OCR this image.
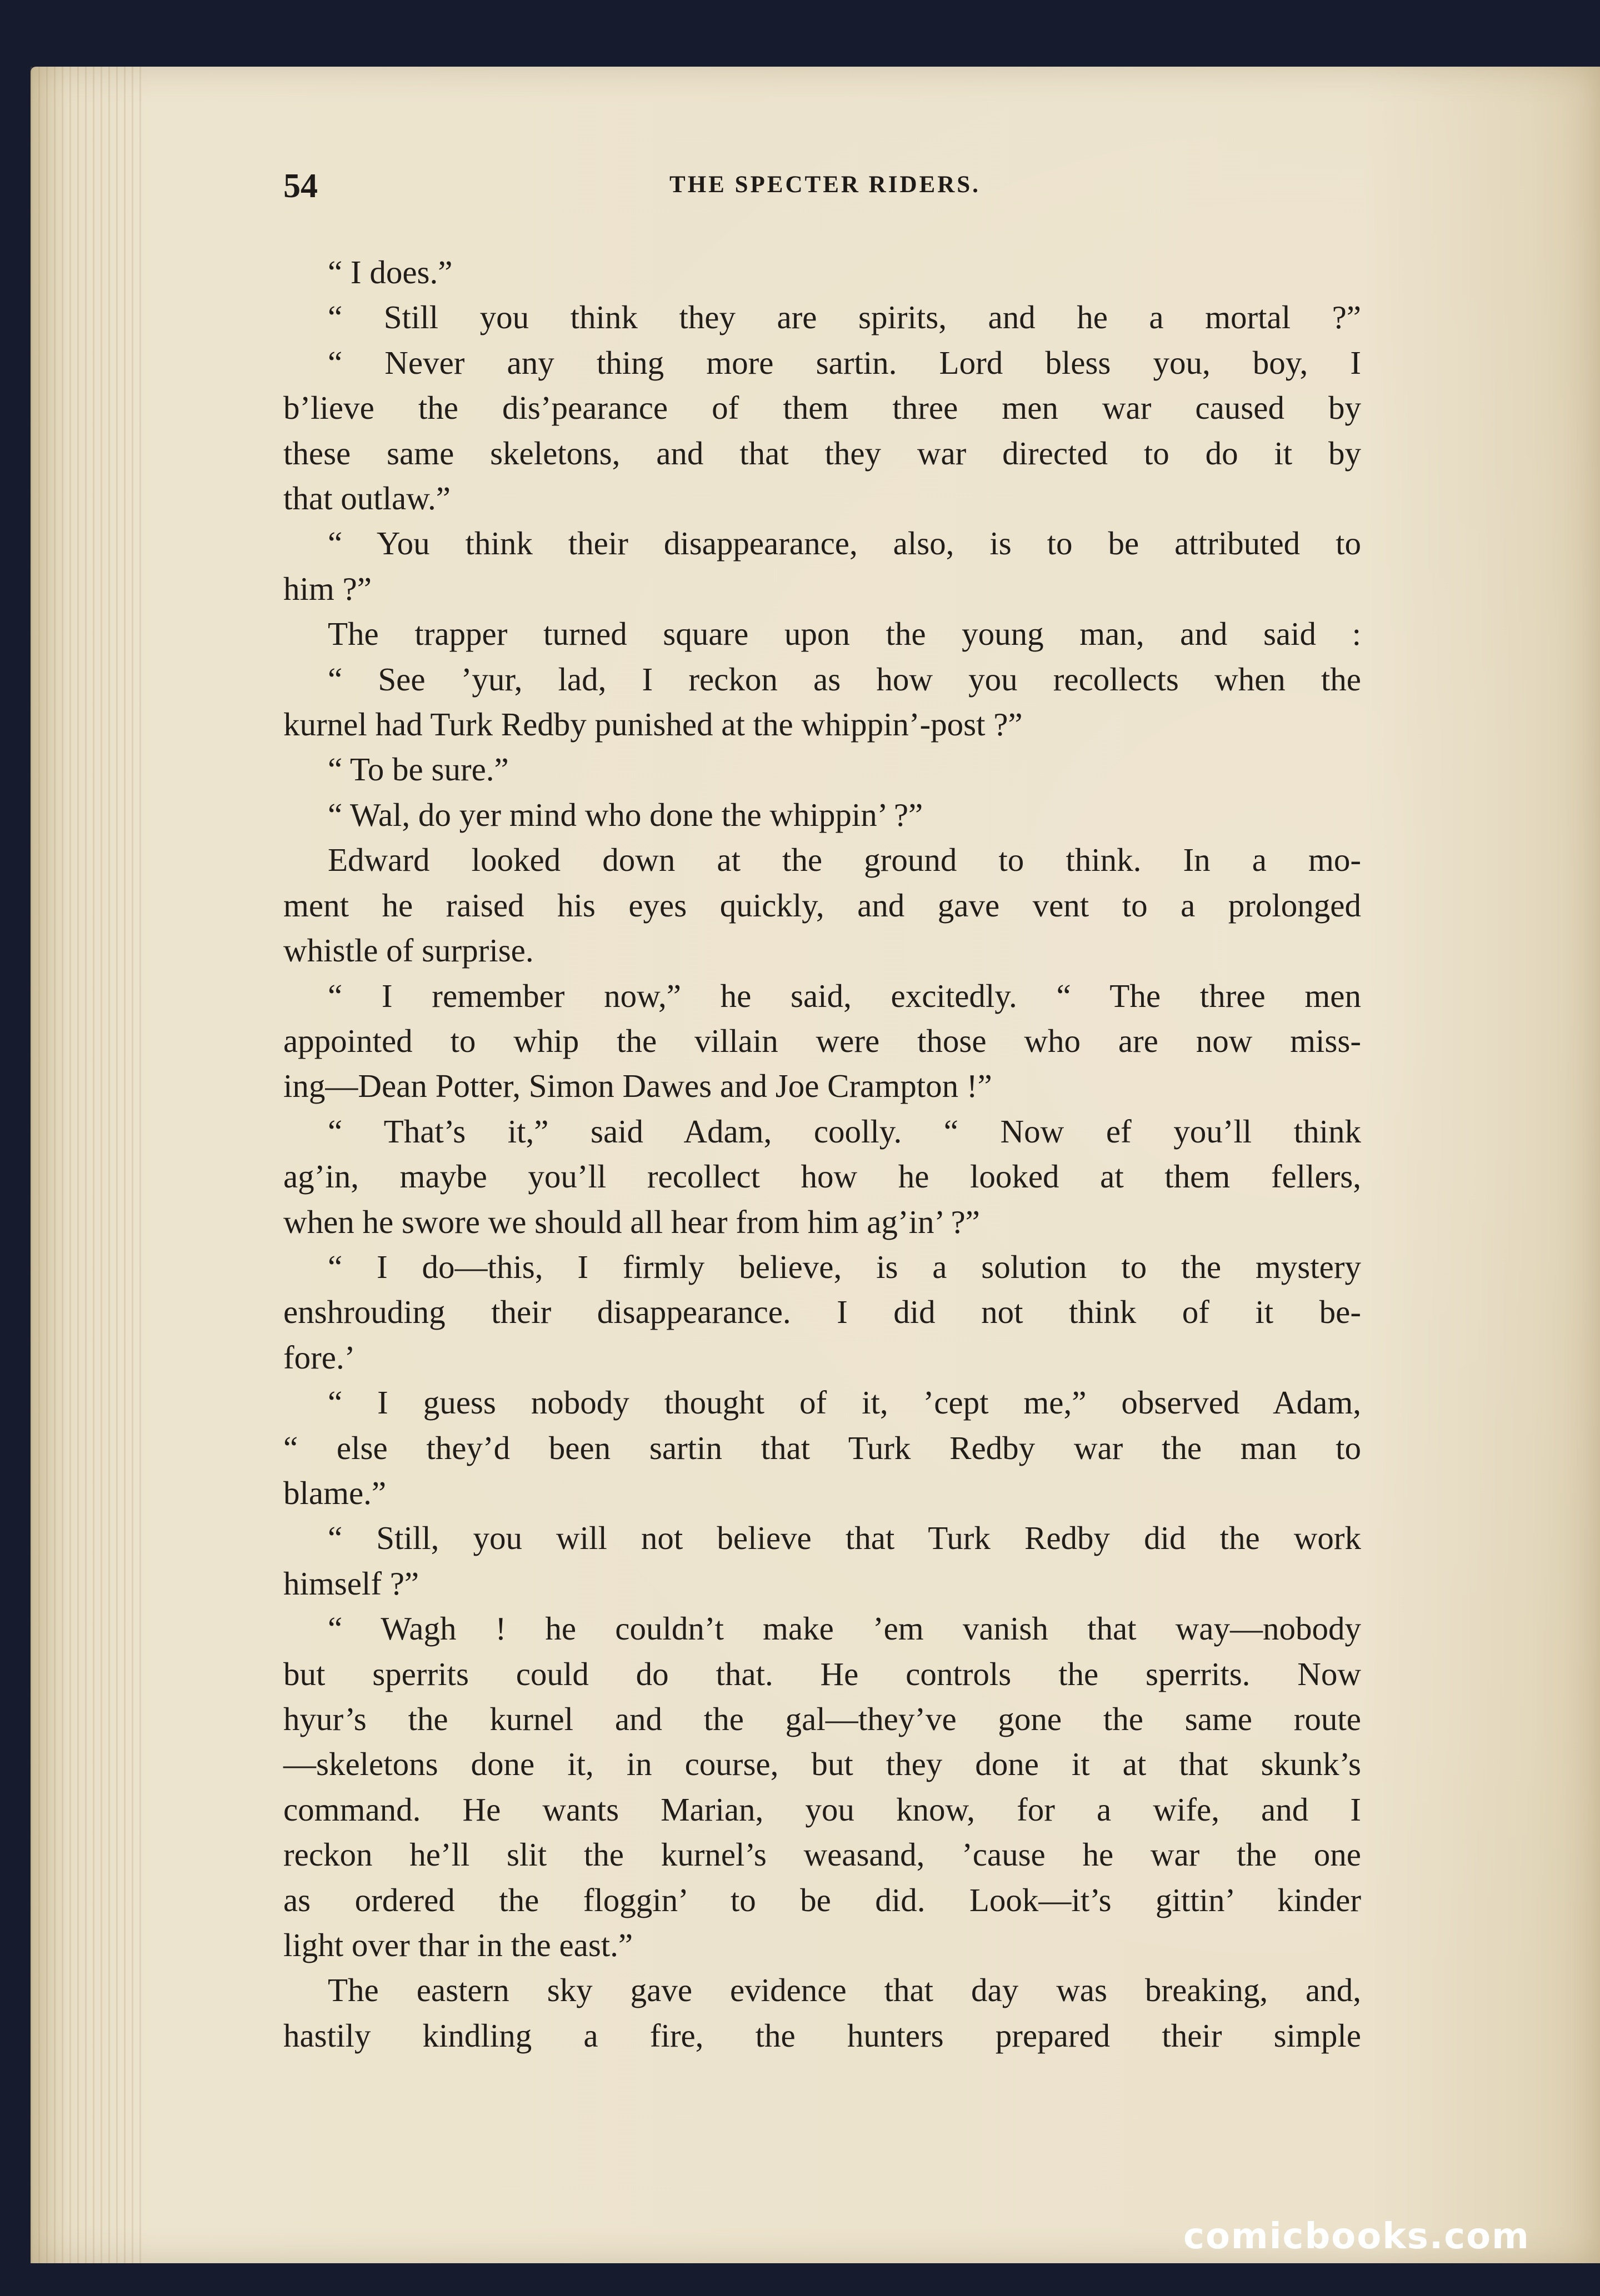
54	THE SPECTER RIDERS.
“ I does.”
“ Still you think they are spirits, and he a mortal ?”
“ Never any thing more sartin. Lord bless you, boy, I
b’lieve the dis’pearance of them three men war caused by
these same skeletons, and that they war directed to do it by
that outlaw.”
“ You think their disappearance, also, is to be attributed to
him ?”
The trapper turned square upon the young man, and said :
“ See ’yur, lad, I reckon as how you recollects when the
kurnel had Turk Redby punished at the whippin’-post ?”
“ To be sure.”
“ Wal, do yer mind who done the whippin’ ?”
Edward looked down at the ground to think. In a mo-
ment he raised his eyes quickly, and gave vent to a prolonged
whistle of surprise.
“ I remember now,” he said, excitedly. “ The three men
appointed to whip the villain were those who are now miss-
ing—Dean Potter, Simon Dawes and Joe Crampton !”
“ That’s it,” said Adam, coolly. “ Now ef you’ll think
ag’in, maybe you’ll recollect how he looked at them fellers,
when he swore we should all hear from him ag’in’ ?”
“ I do—this, I firmly believe, is a solution to the mystery
enshrouding their disappearance. I did not think of it be-
fore.’
“ I guess nobody thought of it, ’cept me,” observed Adam,
“ else they’d been sartin that Turk Redby war the man to
blame.”
“ Still, you will not believe that Turk Redby did the work
himself ?”
“ Wagh ! he couldn’t make ’em vanish that way—nobody
but sperrits could do that. He controls the sperrits. Now
hyur’s the kurnel and the gal—they’ve gone the same route
—skeletons done it, in course, but they done it at that skunk’s
command. He wants Marian, you know, for a wife, and I
reckon he’ll slit the kurnel’s weasand, ’cause he war the one
as ordered the floggin’ to be did. Look—it’s gittin’ kinder
light over thar in the east.”
The eastern sky gave evidence that day was breaking, and,
hastily kindling a fire, the hunters prepared their simple
comicbooks.com
